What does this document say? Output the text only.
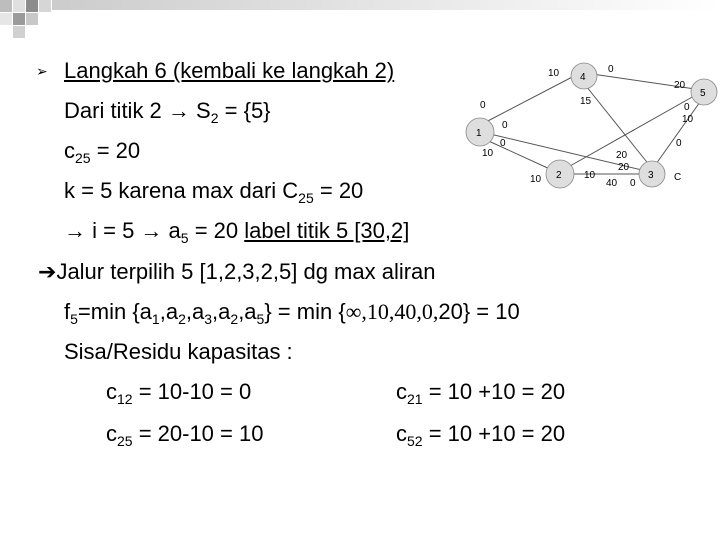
➢ Langkah 6 (kembali ke langkah 2)
Dari titik $2 \to S_2 = \{5\}$
$c_{25} = 20$
k = 5 karena max dari $C_{25} = 20$
→ $i = 5 \to a_5 = 20$ label titik 5 [30,2]
➔Jalur terpilih 5 [1,2,3,2,5] dg max aliran
$f_5=\min$ $\{a_1,a_2,a_3,a_2,a_5\} = \min \{\infty,10,40,0,20\} = 10$
Sisa/Residu kapasitas :
$c_{12} = 10-10 = 0$	$c_{21} = 10 +10 = 20$
$c_{25} = 20-10 = 10$	$c_{52} = 10 +10 = 20$
4
5
1
2	3
10	0
0	15
20
0
0
10
10
0	0
20
10
20
10
40 0
C
